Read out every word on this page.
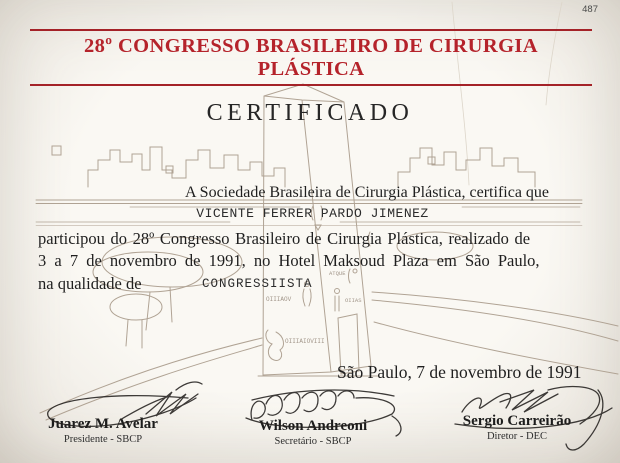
OIIIAOV
ATQUE
OIIAS
OIIIAIOVIII
487
28º CONGRESSO BRASILEIRO DE CIRURGIA PLÁSTICA
CERTIFICADO
A Sociedade Brasileira de Cirurgia Plástica, certifica que
VICENTE FERRER PARDO JIMENEZ
participou do 28º Congresso Brasileiro de Cirurgia Plástica, realizado de
3 a 7 de novembro de 1991, no Hotel Maksoud Plaza em São Paulo,
na qualidade de	CONGRESSIISTA
São Paulo, 7 de novembro de 1991
Juarez M. Avelar
Presidente - SBCP
Wilson Andreoni
Secretário - SBCP
Sergio Carreirão
Diretor - DEC
